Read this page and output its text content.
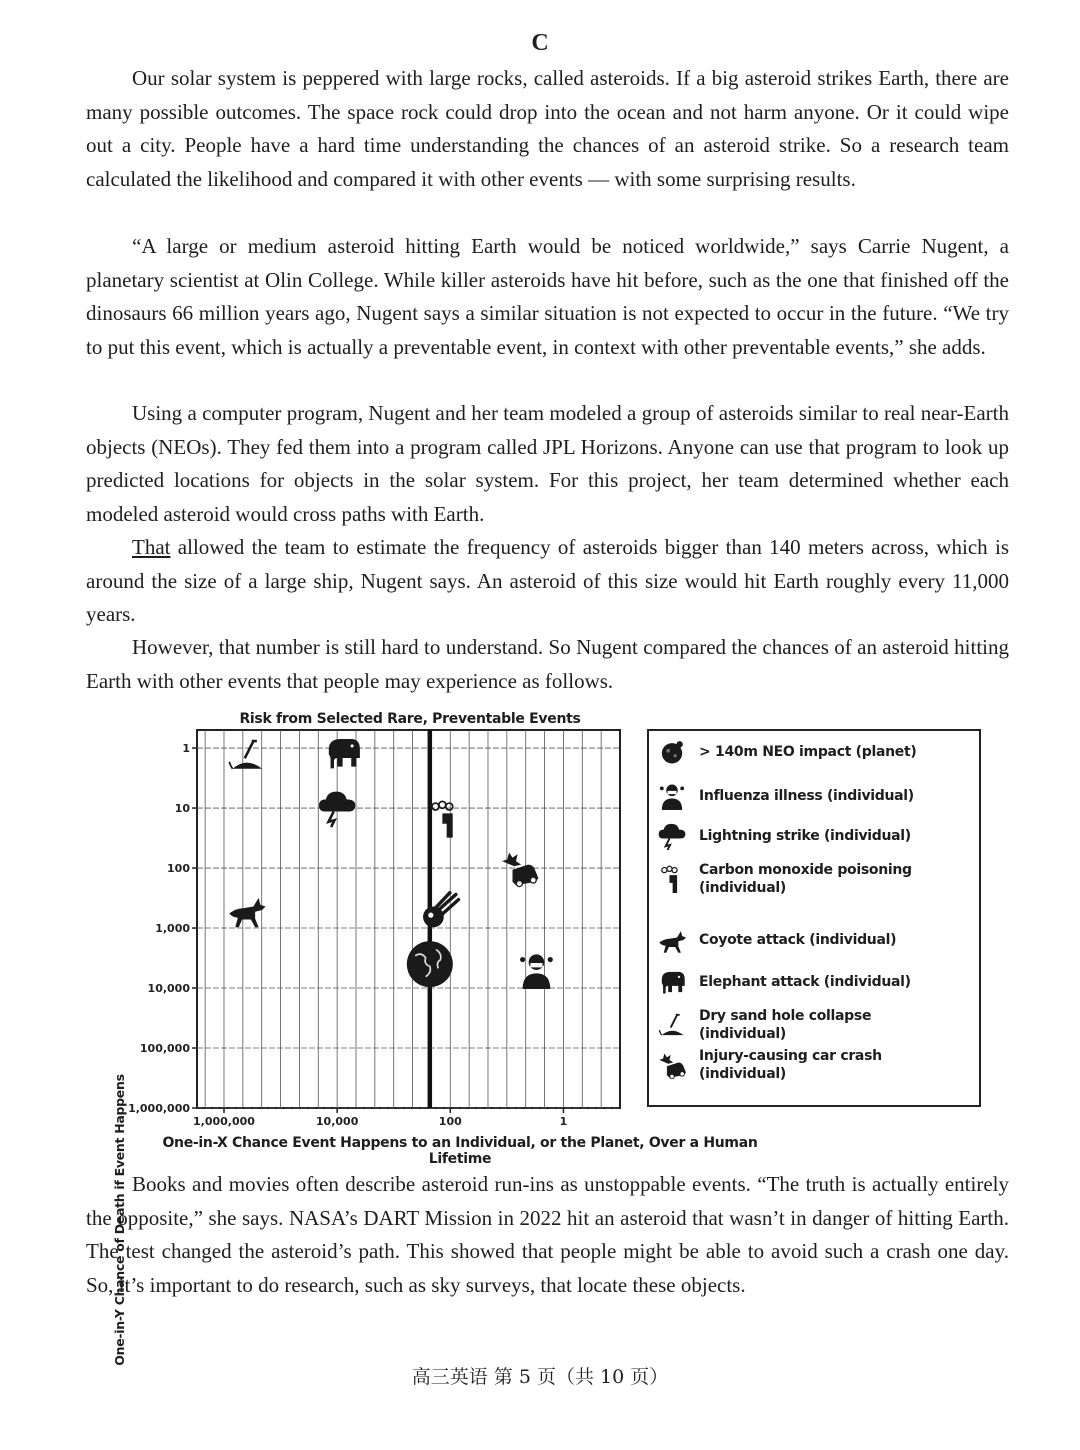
C

Our solar system is peppered with large rocks, called asteroids. If a big asteroid strikes Earth, there are many possible outcomes. The space rock could drop into the ocean and not harm anyone. Or it could wipe out a city. People have a hard time understanding the chances of an asteroid strike. So a research team calculated the likelihood and compared it with other events — with some surprising results.

“A large or medium asteroid hitting Earth would be noticed worldwide,” says Carrie Nugent, a planetary scientist at Olin College. While killer asteroids have hit before, such as the one that finished off the dinosaurs 66 million years ago, Nugent says a similar situation is not expected to occur in the future. “We try to put this event, which is actually a preventable event, in context with other preventable events,” she adds.

Using a computer program, Nugent and her team modeled a group of asteroids similar to real near-Earth objects (NEOs). They fed them into a program called JPL Horizons. Anyone can use that program to look up predicted locations for objects in the solar system. For this project, her team determined whether each modeled asteroid would cross paths with Earth.

That allowed the team to estimate the frequency of asteroids bigger than 140 meters across, which is around the size of a large ship, Nugent says. An asteroid of this size would hit Earth roughly every 11,000 years.

However, that number is still hard to understand. So Nugent compared the chances of an asteroid hitting Earth with other events that people may experience as follows.

Risk from Selected Rare, Preventable Events
One-in-Y Chance of Death if Event Happens
1
10
100
1,000
10,000
100,000
1,000,000
1,000,000	10,000	100	1
One-in-X Chance Event Happens to an Individual, or the Planet, Over a Human Lifetime
> 140m NEO impact (planet)
Influenza illness (individual)
Lightning strike (individual)
Carbon monoxide poisoning (individual)
Coyote attack (individual)
Elephant attack (individual)
Dry sand hole collapse (individual)
Injury-causing car crash (individual)

Books and movies often describe asteroid run-ins as unstoppable events. “The truth is actually entirely the opposite,” she says. NASA’s DART Mission in 2022 hit an asteroid that wasn’t in danger of hitting Earth. The test changed the asteroid’s path. This showed that people might be able to avoid such a crash one day. So, it’s important to do research, such as sky surveys, that locate these objects.

高三英语 第 5 页（共 10 页）
